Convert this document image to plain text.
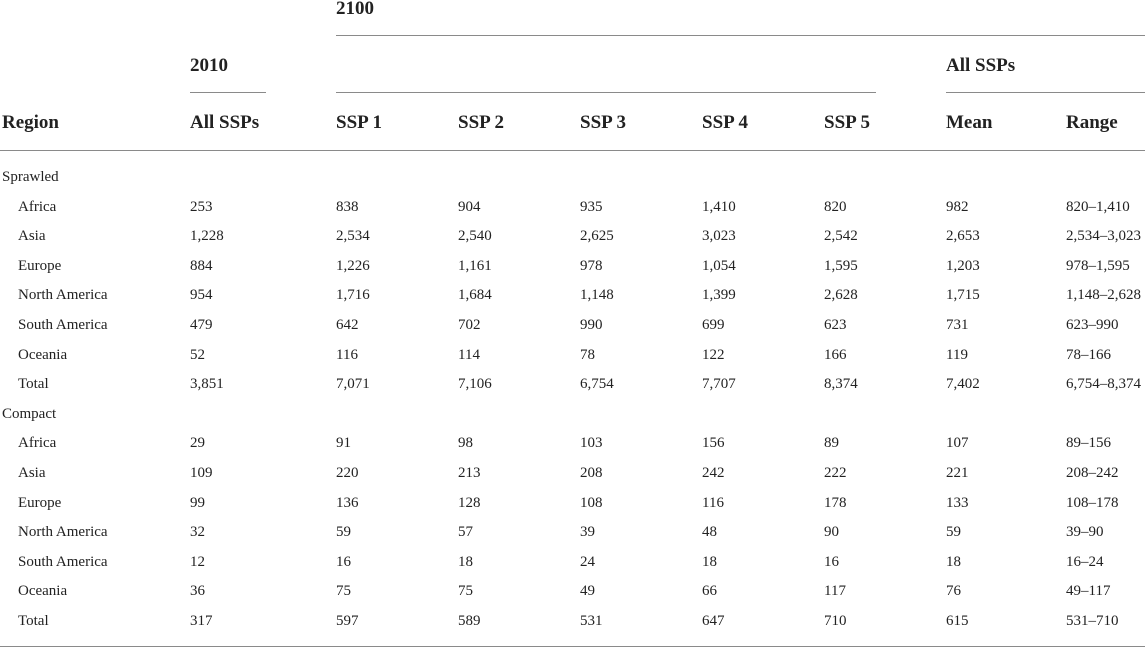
2100
2010	All SSPs
Region	All SSPs	SSP 1	SSP 2	SSP 3	SSP 4	SSP 5	Mean	Range
Sprawled
Africa	253	838	904	935	1,410	820	982	820–1,410
Asia	1,228	2,534	2,540	2,625	3,023	2,542	2,653	2,534–3,023
Europe	884	1,226	1,161	978	1,054	1,595	1,203	978–1,595
North America	954	1,716	1,684	1,148	1,399	2,628	1,715	1,148–2,628
South America	479	642	702	990	699	623	731	623–990
Oceania	52	116	114	78	122	166	119	78–166
Total	3,851	7,071	7,106	6,754	7,707	8,374	7,402	6,754–8,374
Compact
Africa	29	91	98	103	156	89	107	89–156
Asia	109	220	213	208	242	222	221	208–242
Europe	99	136	128	108	116	178	133	108–178
North America	32	59	57	39	48	90	59	39–90
South America	12	16	18	24	18	16	18	16–24
Oceania	36	75	75	49	66	117	76	49–117
Total	317	597	589	531	647	710	615	531–710
